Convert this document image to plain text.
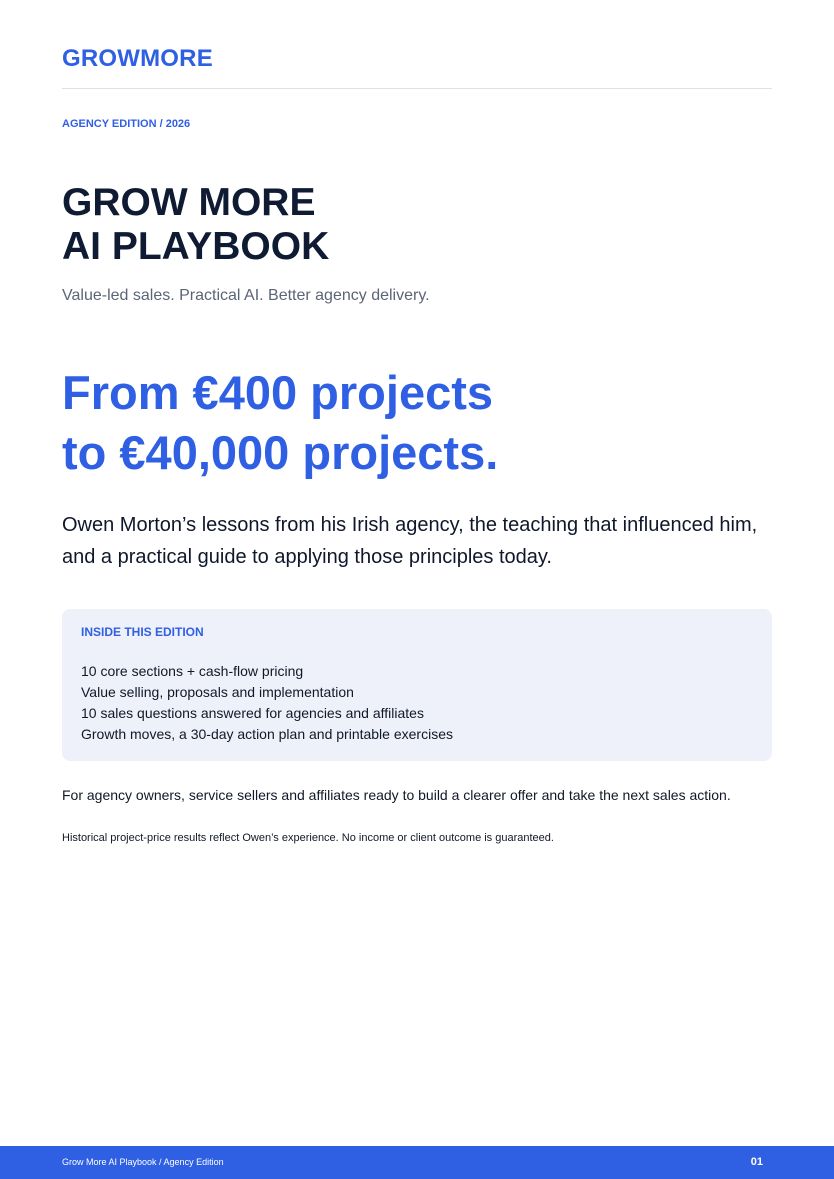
GROWMORE
AGENCY EDITION / 2026
GROW MORE
AI PLAYBOOK
Value-led sales. Practical AI. Better agency delivery.
From €400 projects
to €40,000 projects.

Owen Morton’s lessons from his Irish agency, the teaching that influenced him, and a practical guide to applying those principles today.

INSIDE THIS EDITION
10 core sections + cash-flow pricing
Value selling, proposals and implementation
10 sales questions answered for agencies and affiliates
Growth moves, a 30-day action plan and printable exercises
For agency owners, service sellers and affiliates ready to build a clearer offer and take the next sales action.
Historical project-price results reflect Owen’s experience. No income or client outcome is guaranteed.
Grow More AI Playbook / Agency Edition	01
